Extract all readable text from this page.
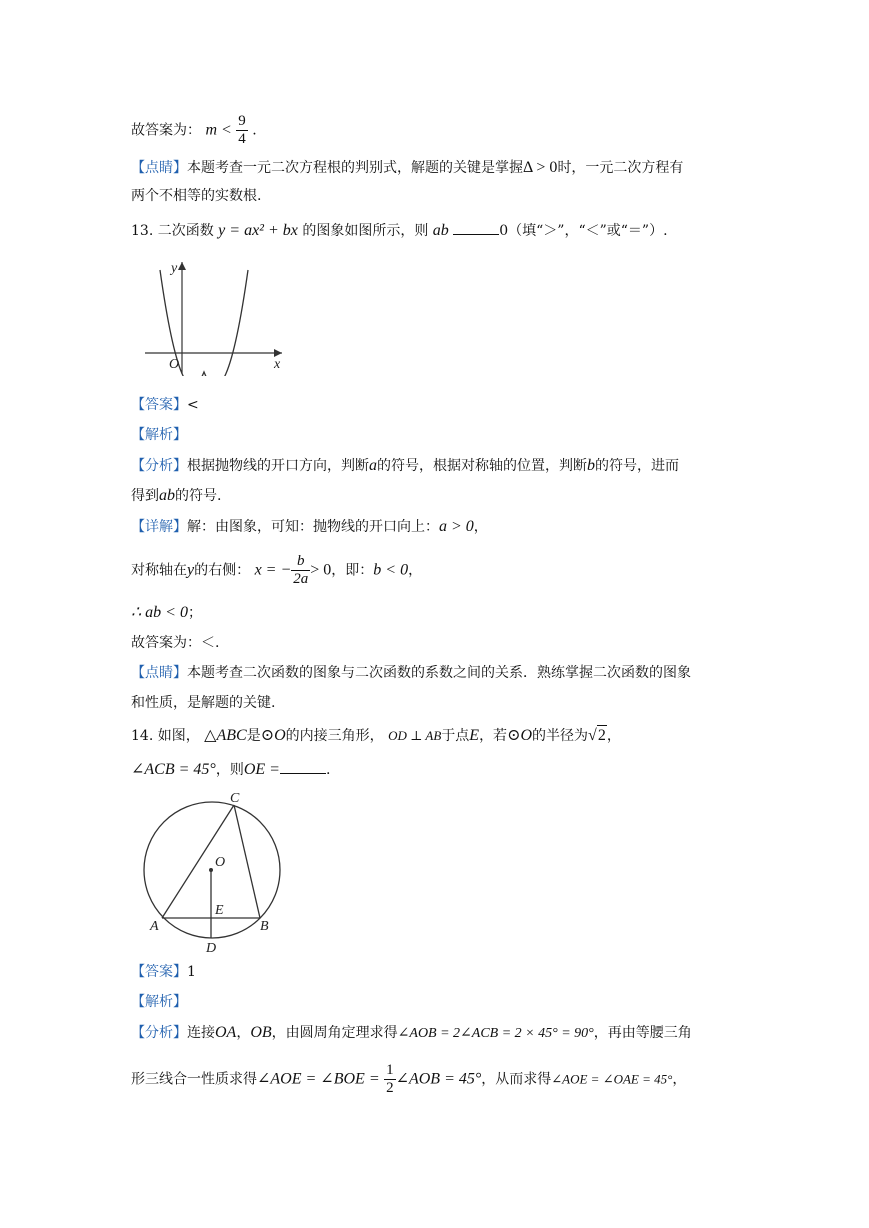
故答案为： $m < \frac{9}{4}$ .
【点睛】本题考查一元二次方程根的判别式，解题的关键是掌握Δ > 0时，一元二次方程有
两个不相等的实数根.
13. 二次函数 y = ax² + bx 的图象如图所示，则 ab	0（填“＞”，“＜”或“＝”）.
y
x
O
【答案】<
【解析】
【分析】根据抛物线的开口方向，判断a的符号，根据对称轴的位置，判断b的符号，进而
得到ab的符号.
【详解】解：由图象，可知：抛物线的开口向上：a > 0，
对称轴在y的右侧： x = − $\frac{b}{2a} > 0$，即：b < 0，
∴ ab < 0；
故答案为：＜.
【点睛】本题考查二次函数的图象与二次函数的系数之间的关系．熟练掌握二次函数的图象
和性质，是解题的关键.
14. 如图， △ABC是⊙O的内接三角形， OD ⊥ AB于点E，若⊙O的半径为√2，
∠ACB = 45°，则OE =	.
C
O
E
A	B
D
【答案】1
【解析】
【分析】连接OA，OB，由圆周角定理求得∠AOB = 2∠ACB = 2 × 45° = 90°，再由等腰三角
形三线合一性质求得∠AOE = ∠BOE = $\frac{1}{2}$ ∠AOB = 45°，从而求得∠AOE = ∠OAE = 45°，
